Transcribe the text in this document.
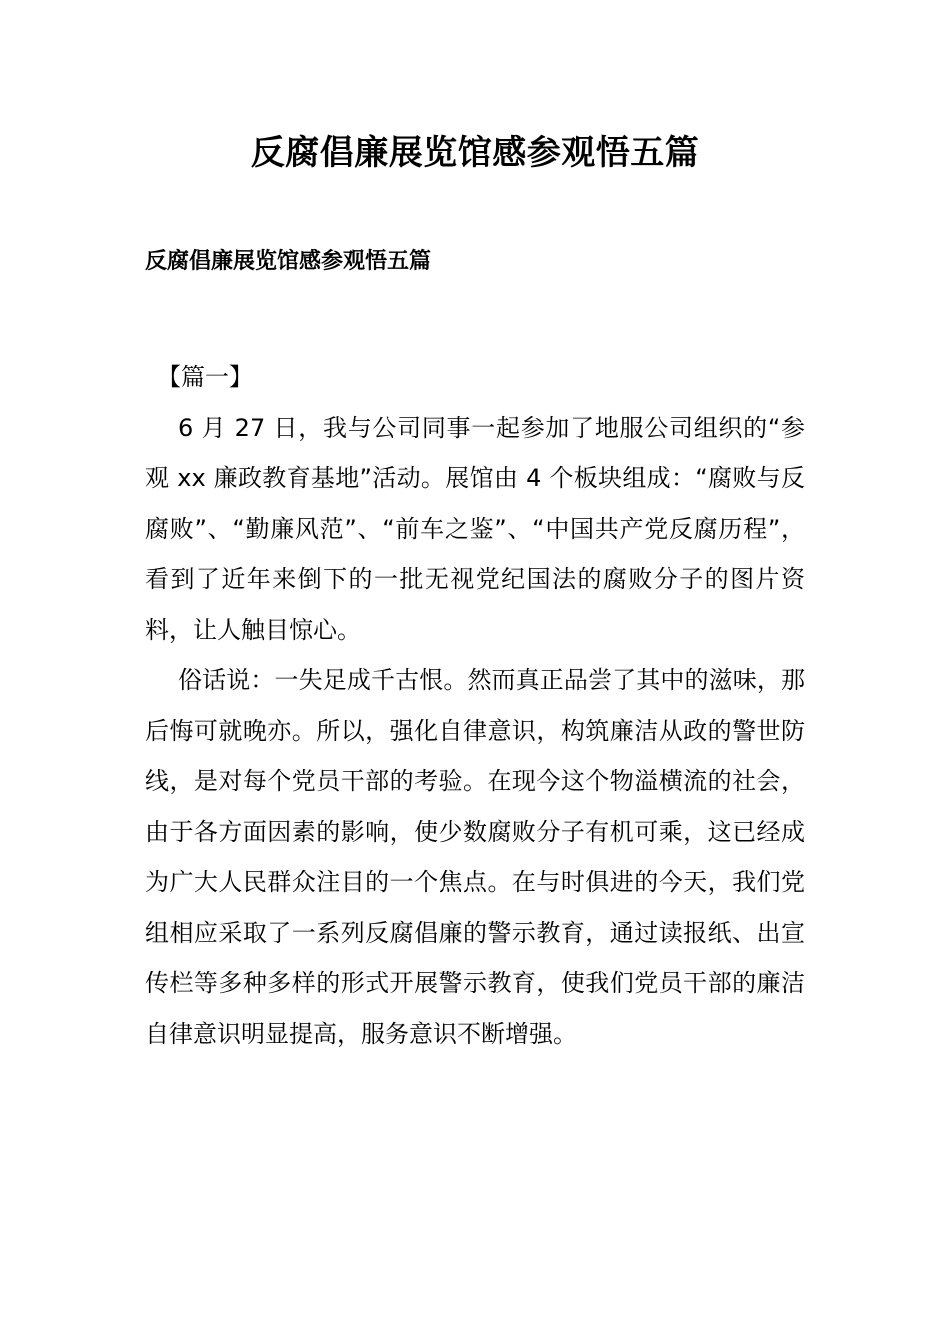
反腐倡廉展览馆感参观悟五篇
反腐倡廉展览馆感参观悟五篇

【篇一】

6 月 27 日，我与公司同事一起参加了地服公司组织的“参观 xx 廉政教育基地”活动。展馆由 4 个板块组成：“腐败与反腐败”、“勤廉风范”、“前车之鉴”、“中国共产党反腐历程”，看到了近年来倒下的一批无视党纪国法的腐败分子的图片资料，让人触目惊心。

俗话说：一失足成千古恨。然而真正品尝了其中的滋味，那后悔可就晚亦。所以，强化自律意识，构筑廉洁从政的警世防线，是对每个党员干部的考验。在现今这个物溢横流的社会，由于各方面因素的影响，使少数腐败分子有机可乘，这已经成为广大人民群众注目的一个焦点。在与时俱进的今天，我们党组相应采取了一系列反腐倡廉的警示教育，通过读报纸、出宣传栏等多种多样的形式开展警示教育，使我们党员干部的廉洁自律意识明显提高，服务意识不断增强。
